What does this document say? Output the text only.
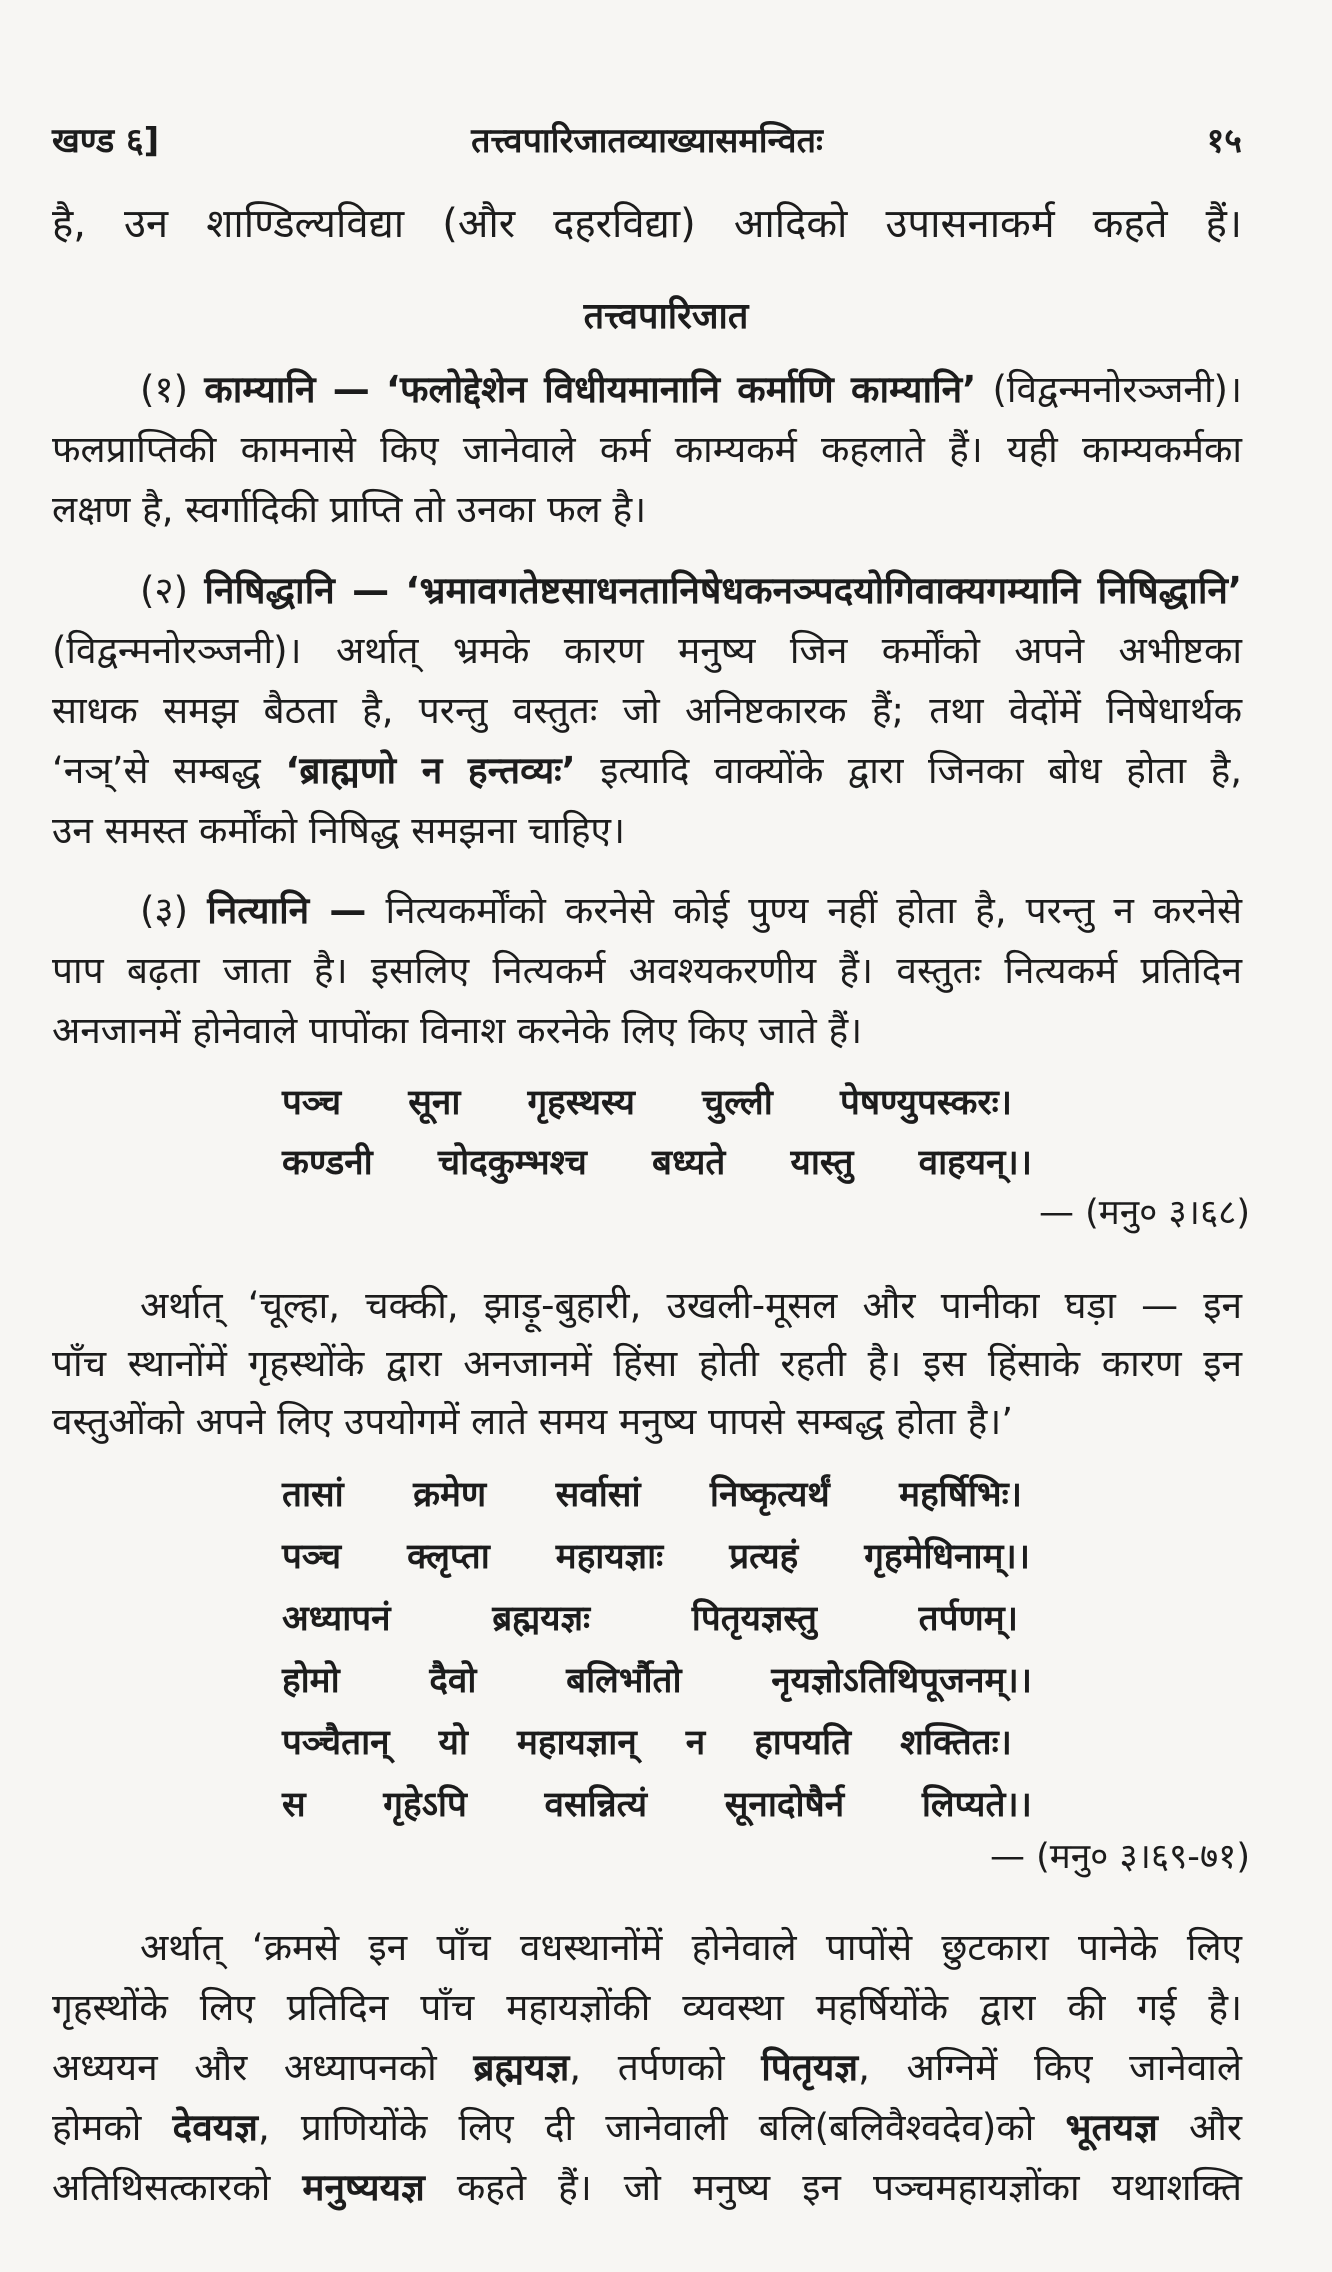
खण्ड ६]	तत्त्वपारिजातव्याख्यासमन्वितः	१५
है, उन शाण्डिल्यविद्या (और दहरविद्या) आदिको उपासनाकर्म कहते हैं।
तत्त्वपारिजात
(१) काम्यानि — ‘फलोद्देशेन विधीयमानानि कर्माणि काम्यानि’ (विद्वन्मनोरञ्जनी)।
फलप्राप्तिकी कामनासे किए जानेवाले कर्म काम्यकर्म कहलाते हैं। यही काम्यकर्मका
लक्षण है, स्वर्गादिकी प्राप्ति तो उनका फल है।
(२) निषिद्धानि — ‘भ्रमावगतेष्टसाधनतानिषेधकनञ्पदयोगिवाक्यगम्यानि निषिद्धानि’
(विद्वन्मनोरञ्जनी)। अर्थात् भ्रमके कारण मनुष्य जिन कर्मोंको अपने अभीष्टका
साधक समझ बैठता है, परन्तु वस्तुतः जो अनिष्टकारक हैं; तथा वेदोंमें निषेधार्थक
‘नञ्’से सम्बद्ध ‘ब्राह्मणो न हन्तव्यः’ इत्यादि वाक्योंके द्वारा जिनका बोध होता है,
उन समस्त कर्मोंको निषिद्ध समझना चाहिए।
(३) नित्यानि — नित्यकर्मोंको करनेसे कोई पुण्य नहीं होता है, परन्तु न करनेसे
पाप बढ़ता जाता है। इसलिए नित्यकर्म अवश्यकरणीय हैं। वस्तुतः नित्यकर्म प्रतिदिन
अनजानमें होनेवाले पापोंका विनाश करनेके लिए किए जाते हैं।
पञ्च सूना गृहस्थस्य चुल्ली पेषण्युपस्करः।
कण्डनी चोदकुम्भश्च बध्यते यास्तु वाहयन्।।
— (मनु० ३।६८)
अर्थात् ‘चूल्हा, चक्की, झाड़ू-बुहारी, उखली-मूसल और पानीका घड़ा — इन
पाँच स्थानोंमें गृहस्थोंके द्वारा अनजानमें हिंसा होती रहती है। इस हिंसाके कारण इन
वस्तुओंको अपने लिए उपयोगमें लाते समय मनुष्य पापसे सम्बद्ध होता है।’
तासां क्रमेण सर्वासां निष्कृत्यर्थं महर्षिभिः।
पञ्च क्लृप्ता महायज्ञाः प्रत्यहं गृहमेधिनाम्।।
अध्यापनं	ब्रह्मयज्ञः	पितृयज्ञस्तु	तर्पणम्।
होमो	दैवो	बलिर्भौतो	नृयज्ञोऽतिथिपूजनम्।।
पञ्चैतान् यो महायज्ञान् न हापयति शक्तितः।
स गृहेऽपि वसन्नित्यं सूनादोषैर्न लिप्यते।।
— (मनु० ३।६९-७१)
अर्थात् ‘क्रमसे इन पाँच वधस्थानोंमें होनेवाले पापोंसे छुटकारा पानेके लिए
गृहस्थोंके लिए प्रतिदिन पाँच महायज्ञोंकी व्यवस्था महर्षियोंके द्वारा की गई है।
अध्ययन और अध्यापनको ब्रह्मयज्ञ, तर्पणको पितृयज्ञ, अग्निमें किए जानेवाले
होमको देवयज्ञ, प्राणियोंके लिए दी जानेवाली बलि(बलिवैश्वदेव)को भूतयज्ञ और
अतिथिसत्कारको मनुष्ययज्ञ कहते हैं। जो मनुष्य इन पञ्चमहायज्ञोंका यथाशक्ति
